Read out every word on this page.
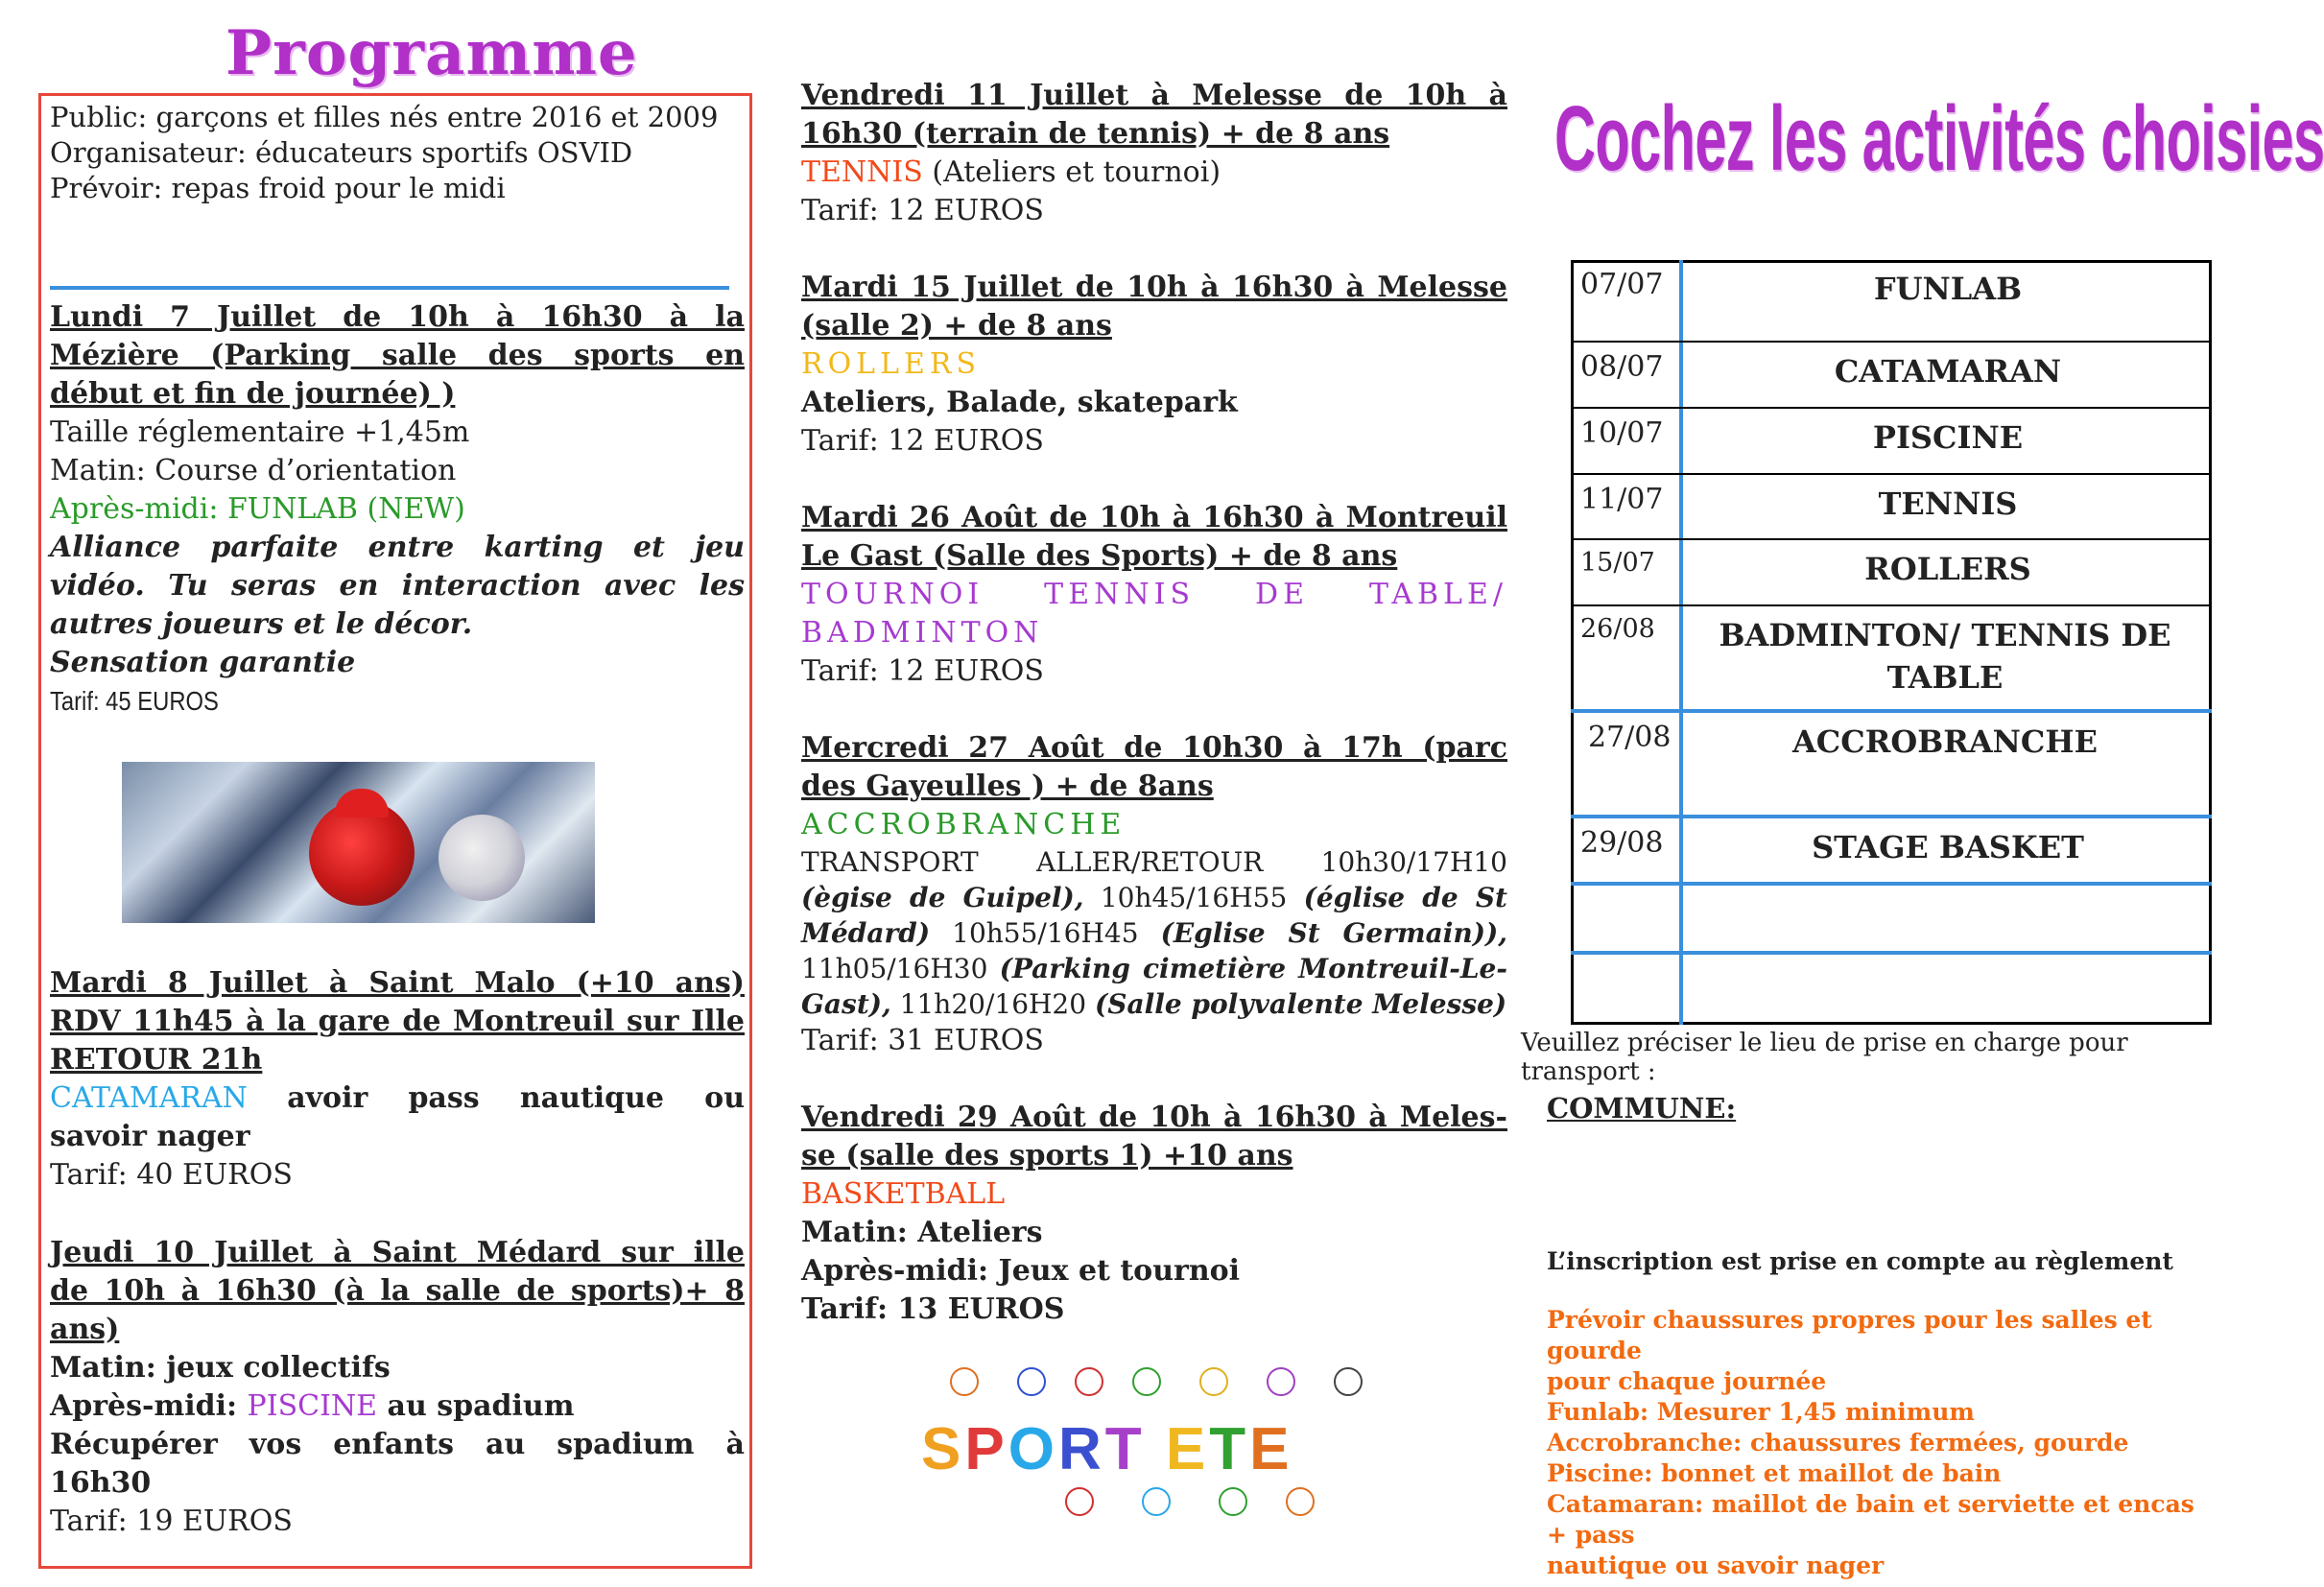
Programme
Public: garçons et filles nés entre 2016 et 2009
Organisateur: éducateurs sportifs OSVID
Prévoir: repas froid pour le midi
Lundi 7 Juillet de 10h à 16h30 à la
Mézière (Parking salle des sports en
début et fin de journée) )
Taille réglementaire +1,45m
Matin: Course d’orientation
Après-midi: FUNLAB (NEW)
Alliance parfaite entre karting et jeu
vidéo. Tu seras en interaction avec les
autres joueurs et le décor.
Sensation garantie
Tarif: 45 EUROS
Mardi 8 Juillet à Saint Malo (+10 ans)
RDV 11h45 à la gare de Montreuil sur Ille
RETOUR 21h
CATAMARAN avoir pass nautique ou
savoir nager
Tarif: 40 EUROS
Jeudi 10 Juillet à Saint Médard sur ille
de 10h à 16h30 (à la salle de sports)+ 8
ans)
Matin: jeux collectifs
Après-midi: PISCINE au spadium
Récupérer vos enfants au spadium à
16h30
Tarif: 19 EUROS
Vendredi 11 Juillet à Melesse de 10h à
16h30 (terrain de tennis) + de 8 ans
TENNIS (Ateliers et tournoi)
Tarif: 12 EUROS
Mardi 15 Juillet de 10h à 16h30 à Melesse
(salle 2) + de 8 ans
ROLLERS
Ateliers, Balade, skatepark
Tarif: 12 EUROS
Mardi 26 Août de 10h à 16h30 à Montreuil
Le Gast (Salle des Sports) + de 8 ans
TOURNOI TENNIS DE TABLE/
BADMINTON
Tarif: 12 EUROS
Mercredi 27 Août de 10h30 à 17h (parc
des Gayeulles ) + de 8ans
ACCROBRANCHE
TRANSPORT ALLER/RETOUR 10h30/17H10
(ègise de Guipel), 10h45/16H55 (église de St
Médard) 10h55/16H45 (Eglise St Germain)),
11h05/16H30 (Parking cimetière Montreuil-Le-
Gast), 11h20/16H20 (Salle polyvalente Melesse)
Tarif: 31 EUROS
Vendredi 29 Août de 10h à 16h30 à Meles-
se (salle des sports 1) +10 ans
BASKETBALL
Matin: Ateliers
Après-midi: Jeux et tournoi
Tarif: 13 EUROS
SPORT ETE
Cochez les activités choisies
07/07	FUNLAB
08/07	CATAMARAN
10/07	PISCINE
11/07	TENNIS
15/07	ROLLERS
26/08	BADMINTON/ TENNIS DE TABLE
27/08	ACCROBRANCHE
29/08	STAGE BASKET
Veuillez préciser le lieu de prise en charge pour transport :
COMMUNE:
L’inscription est prise en compte au règlement
Prévoir chaussures propres pour les salles et gourde
pour chaque journée
Funlab: Mesurer 1,45 minimum
Accrobranche: chaussures fermées, gourde
Piscine: bonnet et maillot de bain
Catamaran: maillot de bain et serviette et encas + pass
nautique ou savoir nager
